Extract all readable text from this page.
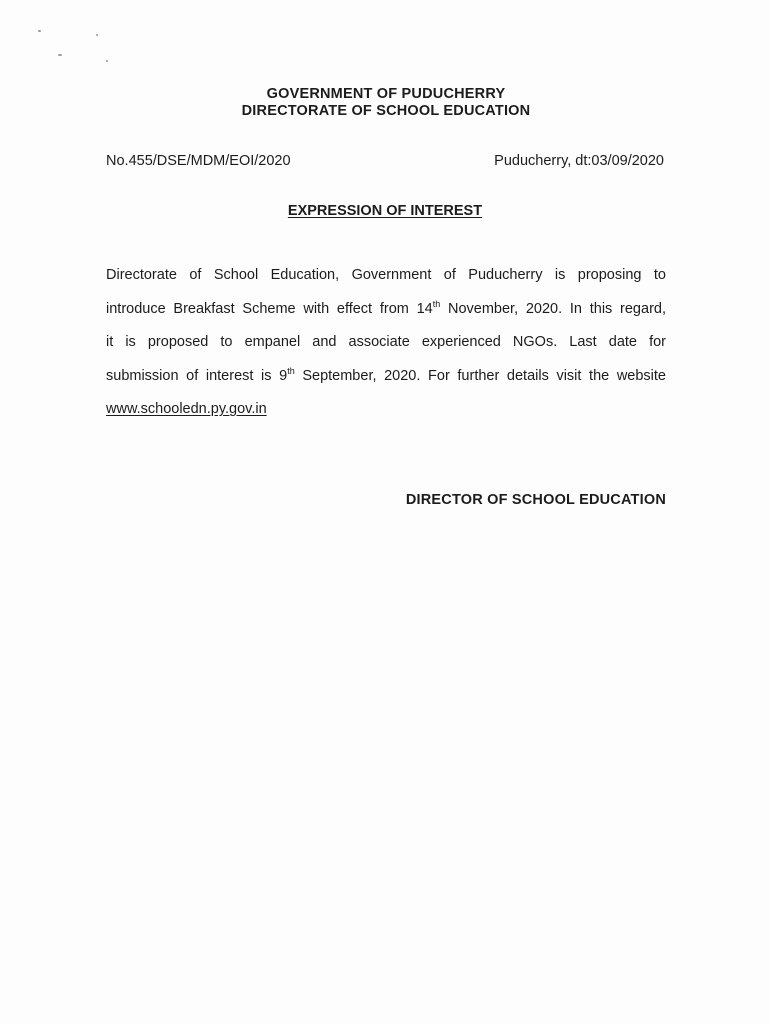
GOVERNMENT OF PUDUCHERRY
DIRECTORATE OF SCHOOL EDUCATION
No.455/DSE/MDM/EOI/2020	Puducherry, dt:03/09/2020
EXPRESSION OF INTEREST
Directorate of School Education, Government of Puducherry is proposing to
introduce Breakfast Scheme with effect from 14th November, 2020. In this regard,
it is proposed to empanel and associate experienced NGOs. Last date for
submission of interest is 9th September, 2020. For further details visit the website
www.schooledn.py.gov.in
DIRECTOR OF SCHOOL EDUCATION
